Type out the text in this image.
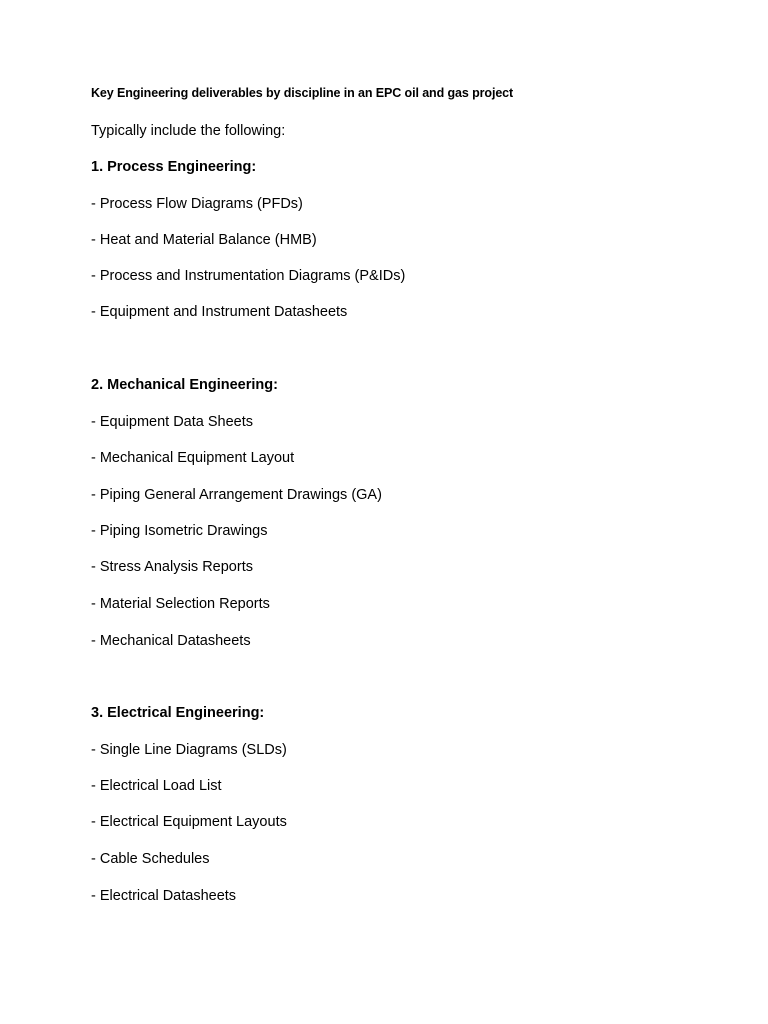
Key Engineering deliverables by discipline in an EPC oil and gas project
Typically include the following:
1. Process Engineering:
- Process Flow Diagrams (PFDs)
- Heat and Material Balance (HMB)
- Process and Instrumentation Diagrams (P&IDs)
- Equipment and Instrument Datasheets
2. Mechanical Engineering:
- Equipment Data Sheets
- Mechanical Equipment Layout
- Piping General Arrangement Drawings (GA)
- Piping Isometric Drawings
- Stress Analysis Reports
- Material Selection Reports
- Mechanical Datasheets
3. Electrical Engineering:
- Single Line Diagrams (SLDs)
- Electrical Load List
- Electrical Equipment Layouts
- Cable Schedules
- Electrical Datasheets
